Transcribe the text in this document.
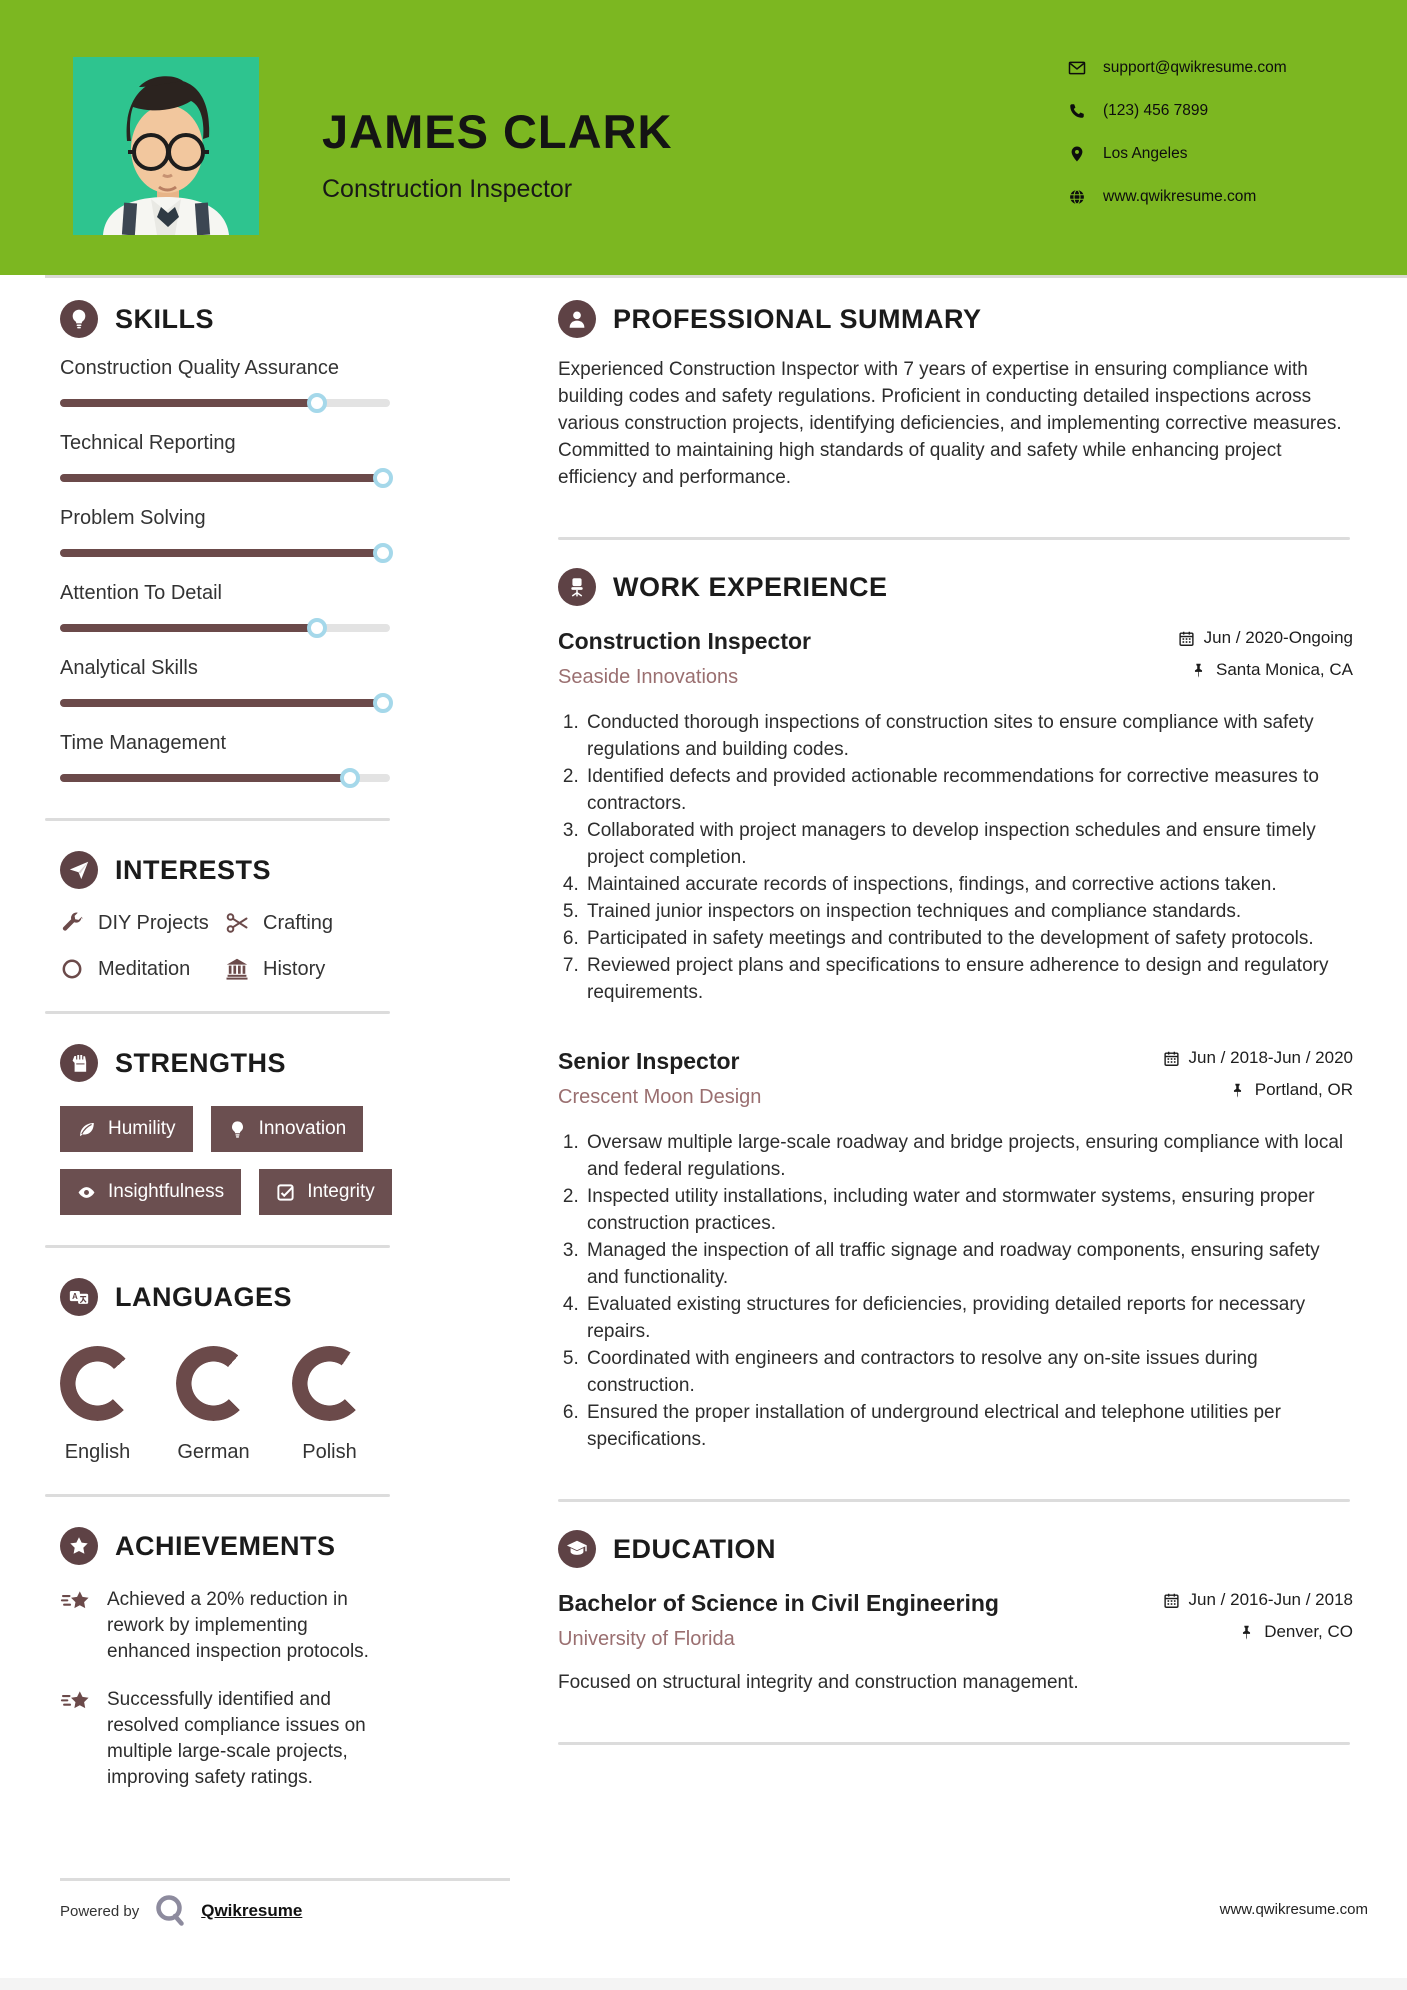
JAMES CLARK
Construction Inspector
support@qwikresume.com
(123) 456 7899
Los Angeles
www.qwikresume.com
SKILLS
Construction Quality Assurance
Technical Reporting
Problem Solving
Attention To Detail
Analytical Skills
Time Management
INTERESTS
DIY Projects	Crafting
Meditation	History
STRENGTHS
Humility	Innovation
Insightfulness	Integrity
A LANGUAGES
English German	Polish
ACHIEVEMENTS
Achieved a 20% reduction in rework by implementing enhanced inspection protocols.
Successfully identified and resolved compliance issues on multiple large-scale projects, improving safety ratings.
PROFESSIONAL SUMMARY

Experienced Construction Inspector with 7 years of expertise in ensuring compliance with building codes and safety regulations. Proficient in conducting detailed inspections across various construction projects, identifying deficiencies, and implementing corrective measures. Committed to maintaining high standards of quality and safety while enhancing project efficiency and performance.

WORK EXPERIENCE
Construction Inspector
Seaside Innovations
Jun / 2020-Ongoing
Santa Monica, CA
1. Conducted thorough inspections of construction sites to ensure compliance with safety regulations and building codes.
2. Identified defects and provided actionable recommendations for corrective measures to contractors.
3. Collaborated with project managers to develop inspection schedules and ensure timely project completion.
4. Maintained accurate records of inspections, findings, and corrective actions taken.
5. Trained junior inspectors on inspection techniques and compliance standards.
6. Participated in safety meetings and contributed to the development of safety protocols.
7. Reviewed project plans and specifications to ensure adherence to design and regulatory requirements.
Senior Inspector
Crescent Moon Design
Jun / 2018-Jun / 2020
Portland, OR
1. Oversaw multiple large-scale roadway and bridge projects, ensuring compliance with local and federal regulations.
2. Inspected utility installations, including water and stormwater systems, ensuring proper construction practices.
3. Managed the inspection of all traffic signage and roadway components, ensuring safety and functionality.
4. Evaluated existing structures for deficiencies, providing detailed reports for necessary repairs.
5. Coordinated with engineers and contractors to resolve any on-site issues during construction.
6. Ensured the proper installation of underground electrical and telephone utilities per specifications.
EDUCATION
Bachelor of Science in Civil Engineering
University of Florida
Jun / 2016-Jun / 2018
Denver, CO

Focused on structural integrity and construction management.

Powered by	Qwikresume	www.qwikresume.com
